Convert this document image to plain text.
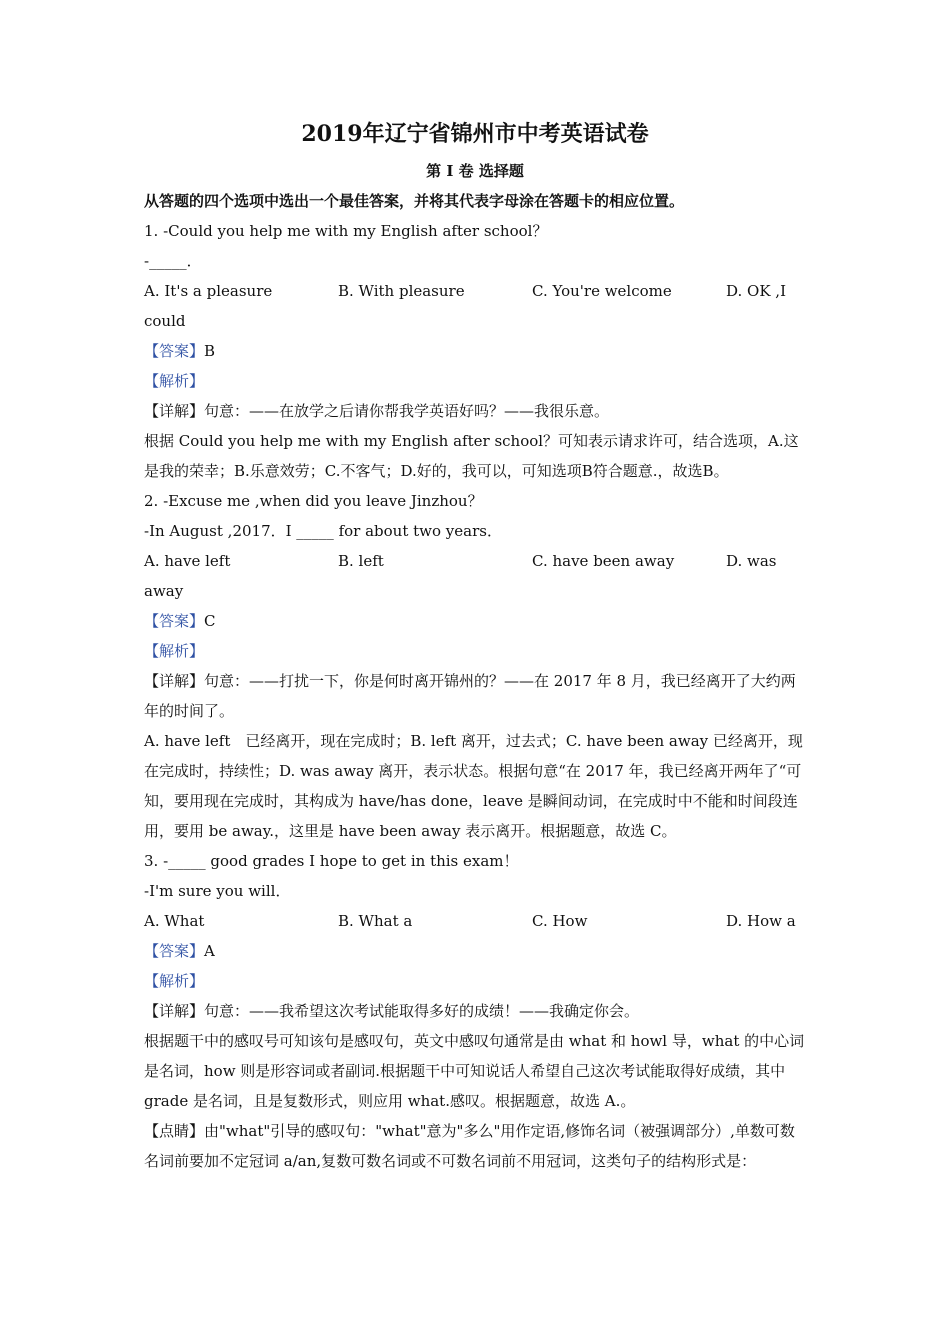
2019年辽宁省锦州市中考英语试卷
第 I 卷 选择题
从答题的四个选项中选出一个最佳答案，并将其代表字母涂在答题卡的相应位置。
1. -Could you help me with my English after school？
-_____．
A. It's a pleasure	B. With pleasure	C. You're welcome	D. OK ,I
could
【答案】B
【解析】
【详解】句意：——在放学之后请你帮我学英语好吗？——我很乐意。
根据 Could you help me with my English after school？可知表示请求许可，结合选项，A.这是我的荣幸；B.乐意效劳；C.不客气；D.好的，我可以，可知选项B符合题意.，故选B。
2. -Excuse me ,when did you leave Jinzhou？
-In August ,2017．I _____ for about two years．
A. have left	B. left	C. have been away	D. was
away
【答案】C
【解析】
【详解】句意：——打扰一下，你是何时离开锦州的？——在 2017 年 8 月，我已经离开了大约两年的时间了。
A. have left　已经离开，现在完成时；B. left 离开，过去式；C. have been away 已经离开，现在完成时，持续性；D. was away 离开，表示状态。根据句意“在 2017 年，我已经离开两年了“可知，要用现在完成时，其构成为 have/has done，leave 是瞬间动词，在完成时中不能和时间段连用，要用 be away.，这里是 have been away 表示离开。根据题意，故选 C。
3. -_____ good grades I hope to get in this exam！
-I'm sure you will．
A. What	B. What a	C. How	D. How a
【答案】A
【解析】
【详解】句意：——我希望这次考试能取得多好的成绩！——我确定你会。
根据题干中的感叹号可知该句是感叹句，英文中感叹句通常是由 what 和 howl 导，what 的中心词是名词，how 则是形容词或者副词.根据题干中可知说话人希望自己这次考试能取得好成绩，其中 grade 是名词，且是复数形式，则应用 what.感叹。根据题意，故选 A.。
【点睛】由"what"引导的感叹句："what"意为"多么"用作定语,修饰名词（被强调部分）,单数可数名词前要加不定冠词 a/an,复数可数名词或不可数名词前不用冠词，这类句子的结构形式是：
